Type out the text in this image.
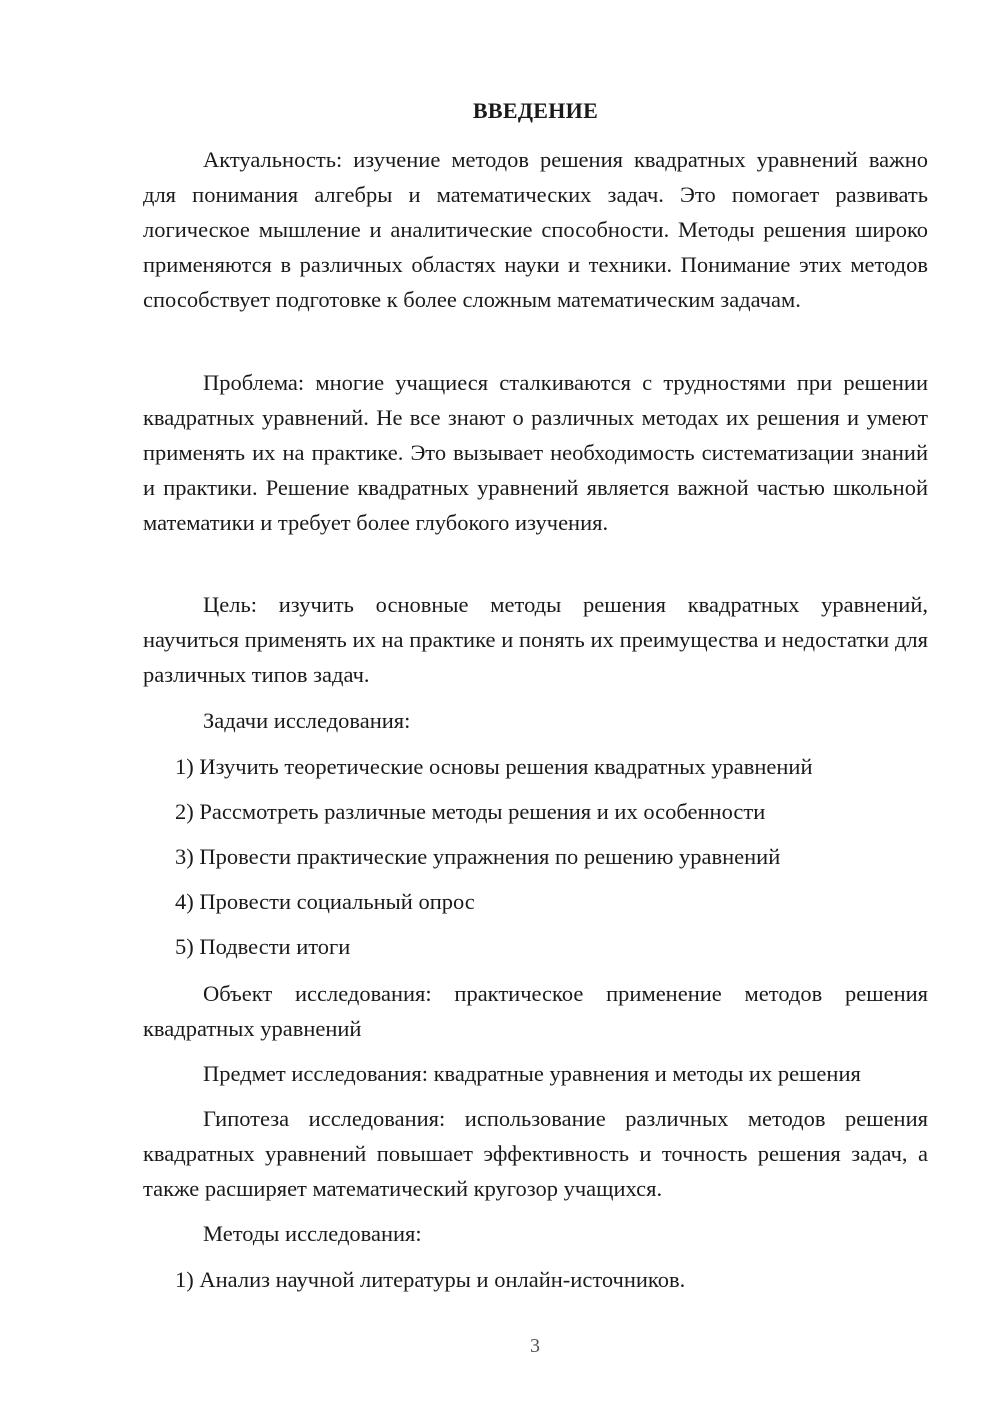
ВВЕДЕНИЕ

Актуальность: изучение методов решения квадратных уравнений важно для понимания алгебры и математических задач. Это помогает развивать логическое мышление и аналитические способности. Методы решения широко применяются в различных областях науки и техники. Понимание этих методов способствует подготовке к более сложным математическим задачам.

Проблема: многие учащиеся сталкиваются с трудностями при решении квадратных уравнений. Не все знают о различных методах их решения и умеют применять их на практике. Это вызывает необходимость систематизации знаний и практики. Решение квадратных уравнений является важной частью школьной математики и требует более глубокого изучения.

Цель: изучить основные методы решения квадратных уравнений, научиться применять их на практике и понять их преимущества и недостатки для различных типов задач.

Задачи исследования:

1) Изучить теоретические основы решения квадратных уравнений

2) Рассмотреть различные методы решения и их особенности

3) Провести практические упражнения по решению уравнений

4) Провести социальный опрос

5) Подвести итоги

Объект исследования: практическое применение методов решения квадратных уравнений

Предмет исследования: квадратные уравнения и методы их решения

Гипотеза исследования: использование различных методов решения квадратных уравнений повышает эффективность и точность решения задач, а также расширяет математический кругозор учащихся.

Методы исследования:

1) Анализ научной литературы и онлайн-источников.

3
